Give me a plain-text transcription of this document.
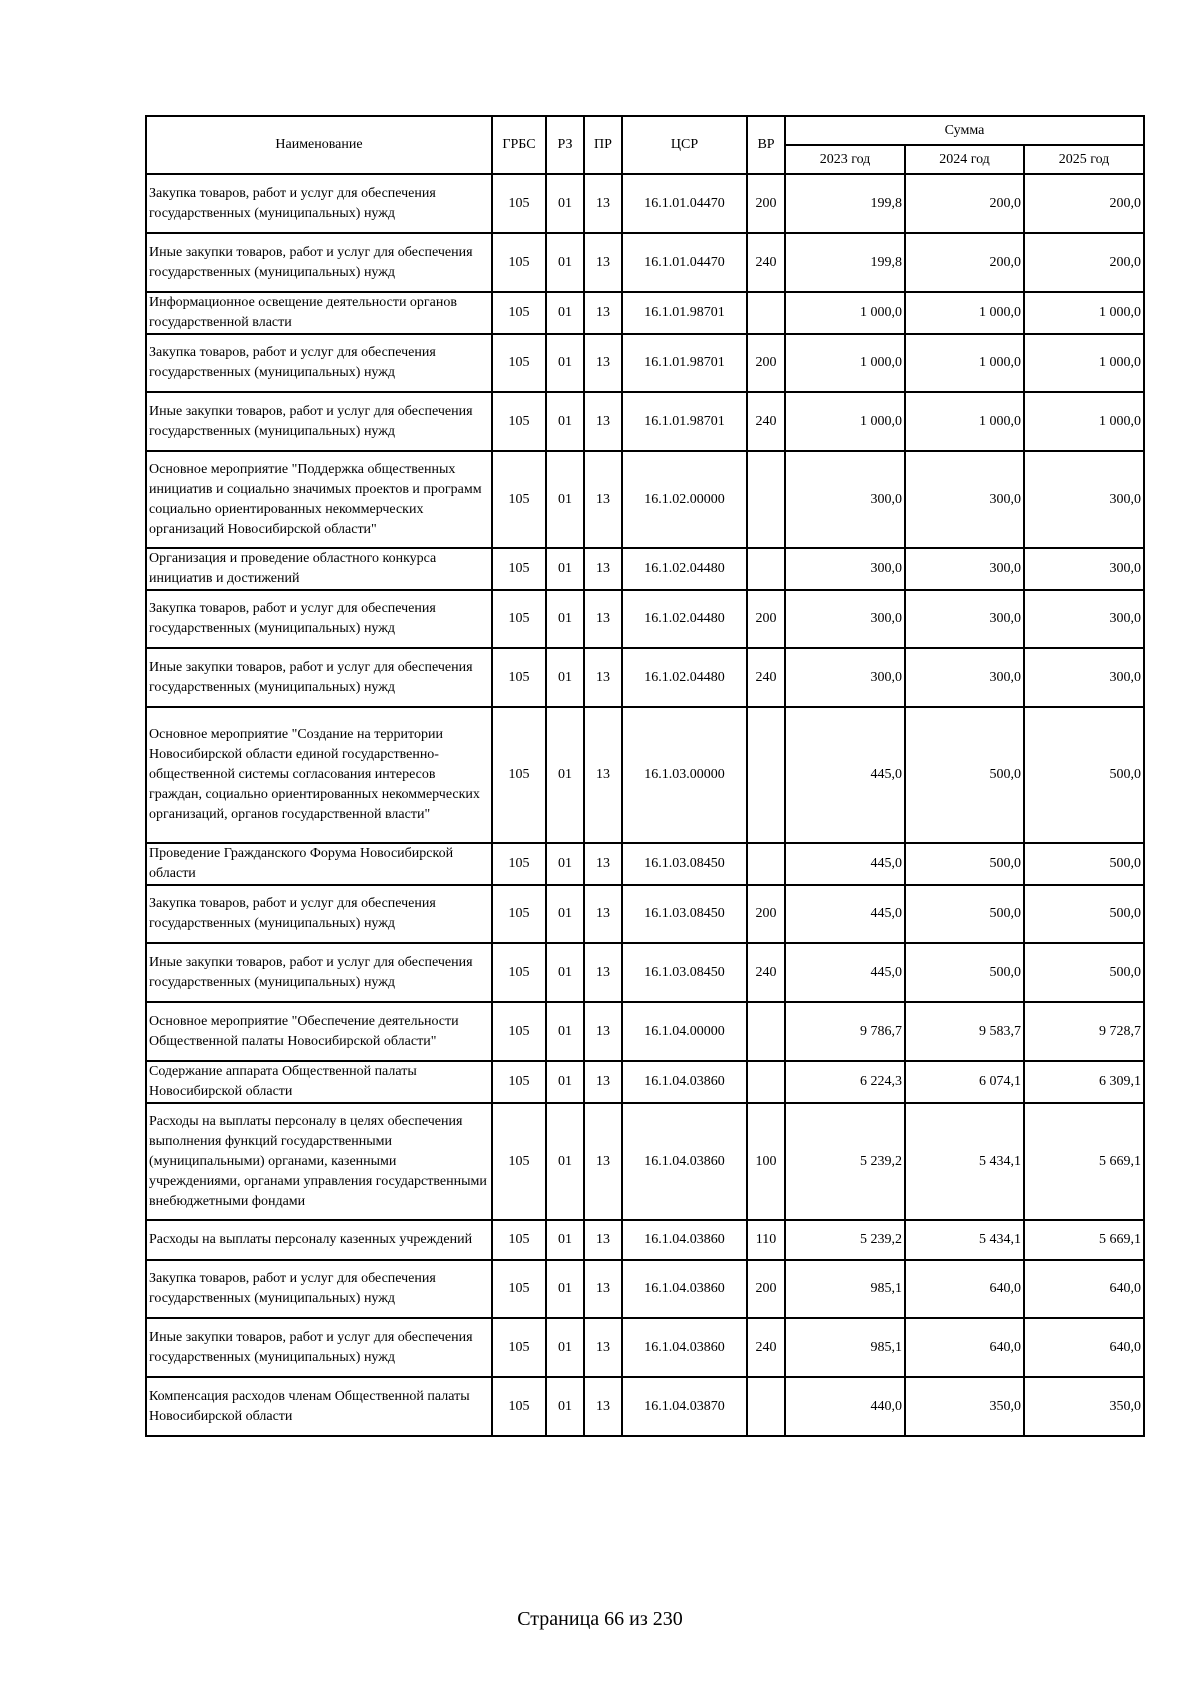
Наименование	ГРБС	РЗ	ПР	ЦСР	ВР	Сумма		
						2023 год	2024 год	2025 год
Закупка товаров, работ и услуг для обеспечения государственных (муниципальных) нужд	105	01	13	16.1.01.04470	200	199,8	200,0	200,0
Иные закупки товаров, работ и услуг для обеспечения государственных (муниципальных) нужд	105	01	13	16.1.01.04470	240	199,8	200,0	200,0
Информационное освещение деятельности органов государственной власти	105	01	13	16.1.01.98701		1 000,0	1 000,0	1 000,0
Закупка товаров, работ и услуг для обеспечения государственных (муниципальных) нужд	105	01	13	16.1.01.98701	200	1 000,0	1 000,0	1 000,0
Иные закупки товаров, работ и услуг для обеспечения государственных (муниципальных) нужд	105	01	13	16.1.01.98701	240	1 000,0	1 000,0	1 000,0
Основное мероприятие "Поддержка общественных инициатив и социально значимых проектов и программ социально ориентированных некоммерческих организаций Новосибирской области"	105	01	13	16.1.02.00000		300,0	300,0	300,0
Организация и проведение областного конкурса инициатив и достижений	105	01	13	16.1.02.04480		300,0	300,0	300,0
Закупка товаров, работ и услуг для обеспечения государственных (муниципальных) нужд	105	01	13	16.1.02.04480	200	300,0	300,0	300,0
Иные закупки товаров, работ и услуг для обеспечения государственных (муниципальных) нужд	105	01	13	16.1.02.04480	240	300,0	300,0	300,0
Основное мероприятие "Создание на территории Новосибирской области единой государственно-общественной системы согласования интересов граждан, социально ориентированных некоммерческих организаций, органов государственной власти"	105	01	13	16.1.03.00000		445,0	500,0	500,0
Проведение Гражданского Форума Новосибирской области	105	01	13	16.1.03.08450		445,0	500,0	500,0
Закупка товаров, работ и услуг для обеспечения государственных (муниципальных) нужд	105	01	13	16.1.03.08450	200	445,0	500,0	500,0
Иные закупки товаров, работ и услуг для обеспечения государственных (муниципальных) нужд	105	01	13	16.1.03.08450	240	445,0	500,0	500,0
Основное мероприятие "Обеспечение деятельности Общественной палаты Новосибирской области"	105	01	13	16.1.04.00000		9 786,7	9 583,7	9 728,7
Содержание аппарата Общественной палаты Новосибирской области	105	01	13	16.1.04.03860		6 224,3	6 074,1	6 309,1
Расходы на выплаты персоналу в целях обеспечения выполнения функций государственными (муниципальными) органами, казенными учреждениями, органами управления государственными внебюджетными фондами	105	01	13	16.1.04.03860	100	5 239,2	5 434,1	5 669,1
Расходы на выплаты персоналу казенных учреждений	105	01	13	16.1.04.03860	110	5 239,2	5 434,1	5 669,1
Закупка товаров, работ и услуг для обеспечения государственных (муниципальных) нужд	105	01	13	16.1.04.03860	200	985,1	640,0	640,0
Иные закупки товаров, работ и услуг для обеспечения государственных (муниципальных) нужд	105	01	13	16.1.04.03860	240	985,1	640,0	640,0
Компенсация расходов членам Общественной палаты Новосибирской области	105	01	13	16.1.04.03870		440,0	350,0	350,0
Страница 66 из 230
